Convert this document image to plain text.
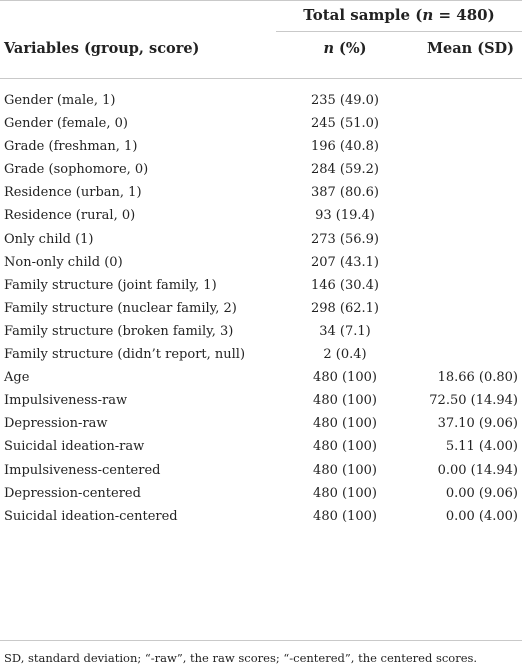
Total sample (n = 480)
Variables (group, score)	n (%)	Mean (SD)
Gender (male, 1)	235 (49.0)
Gender (female, 0)	245 (51.0)
Grade (freshman, 1)	196 (40.8)
Grade (sophomore, 0)	284 (59.2)
Residence (urban, 1)	387 (80.6)
Residence (rural, 0)	93 (19.4)
Only child (1)	273 (56.9)
Non-only child (0)	207 (43.1)
Family structure (joint family, 1)	146 (30.4)
Family structure (nuclear family, 2)	298 (62.1)
Family structure (broken family, 3)	34 (7.1)
Family structure (didn’t report, null)	2 (0.4)
Age	480 (100)	18.66 (0.80)
Impulsiveness-raw	480 (100)	72.50 (14.94)
Depression-raw	480 (100)	37.10 (9.06)
Suicidal ideation-raw	480 (100)	5.11 (4.00)
Impulsiveness-centered	480 (100)	0.00 (14.94)
Depression-centered	480 (100)	0.00 (9.06)
Suicidal ideation-centered	480 (100)	0.00 (4.00)
SD, standard deviation; “-raw”, the raw scores; “-centered”, the centered scores.
